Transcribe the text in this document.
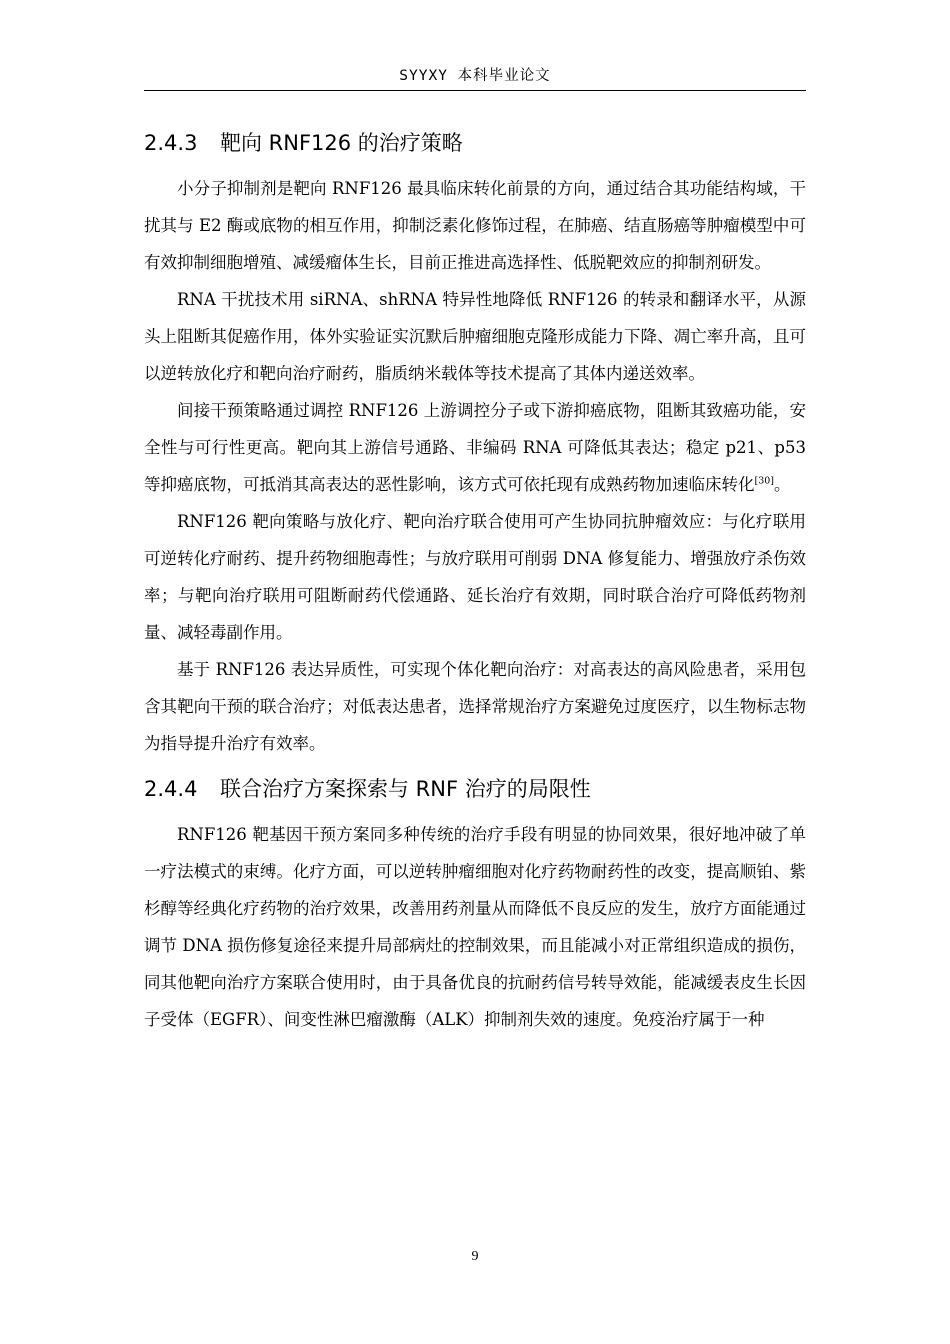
SYYXY 本科毕业论文
2.4.3 靶向 RNF126 的治疗策略

小分子抑制剂是靶向 RNF126 最具临床转化前景的方向，通过结合其功能结构域，干扰其与 E2 酶或底物的相互作用，抑制泛素化修饰过程，在肺癌、结直肠癌等肿瘤模型中可有效抑制细胞增殖、减缓瘤体生长，目前正推进高选择性、低脱靶效应的抑制剂研发。

RNA 干扰技术用 siRNA、shRNA 特异性地降低 RNF126 的转录和翻译水平，从源头上阻断其促癌作用，体外实验证实沉默后肿瘤细胞克隆形成能力下降、凋亡率升高，且可以逆转放化疗和靶向治疗耐药，脂质纳米载体等技术提高了其体内递送效率。

间接干预策略通过调控 RNF126 上游调控分子或下游抑癌底物，阻断其致癌功能，安全性与可行性更高。靶向其上游信号通路、非编码 RNA 可降低其表达；稳定 p21、p53 等抑癌底物，可抵消其高表达的恶性影响，该方式可依托现有成熟药物加速临床转化[30]。

RNF126 靶向策略与放化疗、靶向治疗联合使用可产生协同抗肿瘤效应：与化疗联用可逆转化疗耐药、提升药物细胞毒性；与放疗联用可削弱 DNA 修复能力、增强放疗杀伤效率；与靶向治疗联用可阻断耐药代偿通路、延长治疗有效期，同时联合治疗可降低药物剂量、减轻毒副作用。

基于 RNF126 表达异质性，可实现个体化靶向治疗：对高表达的高风险患者，采用包含其靶向干预的联合治疗；对低表达患者，选择常规治疗方案避免过度医疗，以生物标志物为指导提升治疗有效率。

2.4.4 联合治疗方案探索与 RNF 治疗的局限性

RNF126 靶基因干预方案同多种传统的治疗手段有明显的协同效果，很好地冲破了单一疗法模式的束缚。化疗方面，可以逆转肿瘤细胞对化疗药物耐药性的改变，提高顺铂、紫杉醇等经典化疗药物的治疗效果，改善用药剂量从而降低不良反应的发生，放疗方面能通过调节 DNA 损伤修复途径来提升局部病灶的控制效果，而且能减小对正常组织造成的损伤，同其他靶向治疗方案联合使用时，由于具备优良的抗耐药信号转导效能，能减缓表皮生长因子受体（EGFR）、间变性淋巴瘤激酶（ALK）抑制剂失效的速度。免疫治疗属于一种

9
